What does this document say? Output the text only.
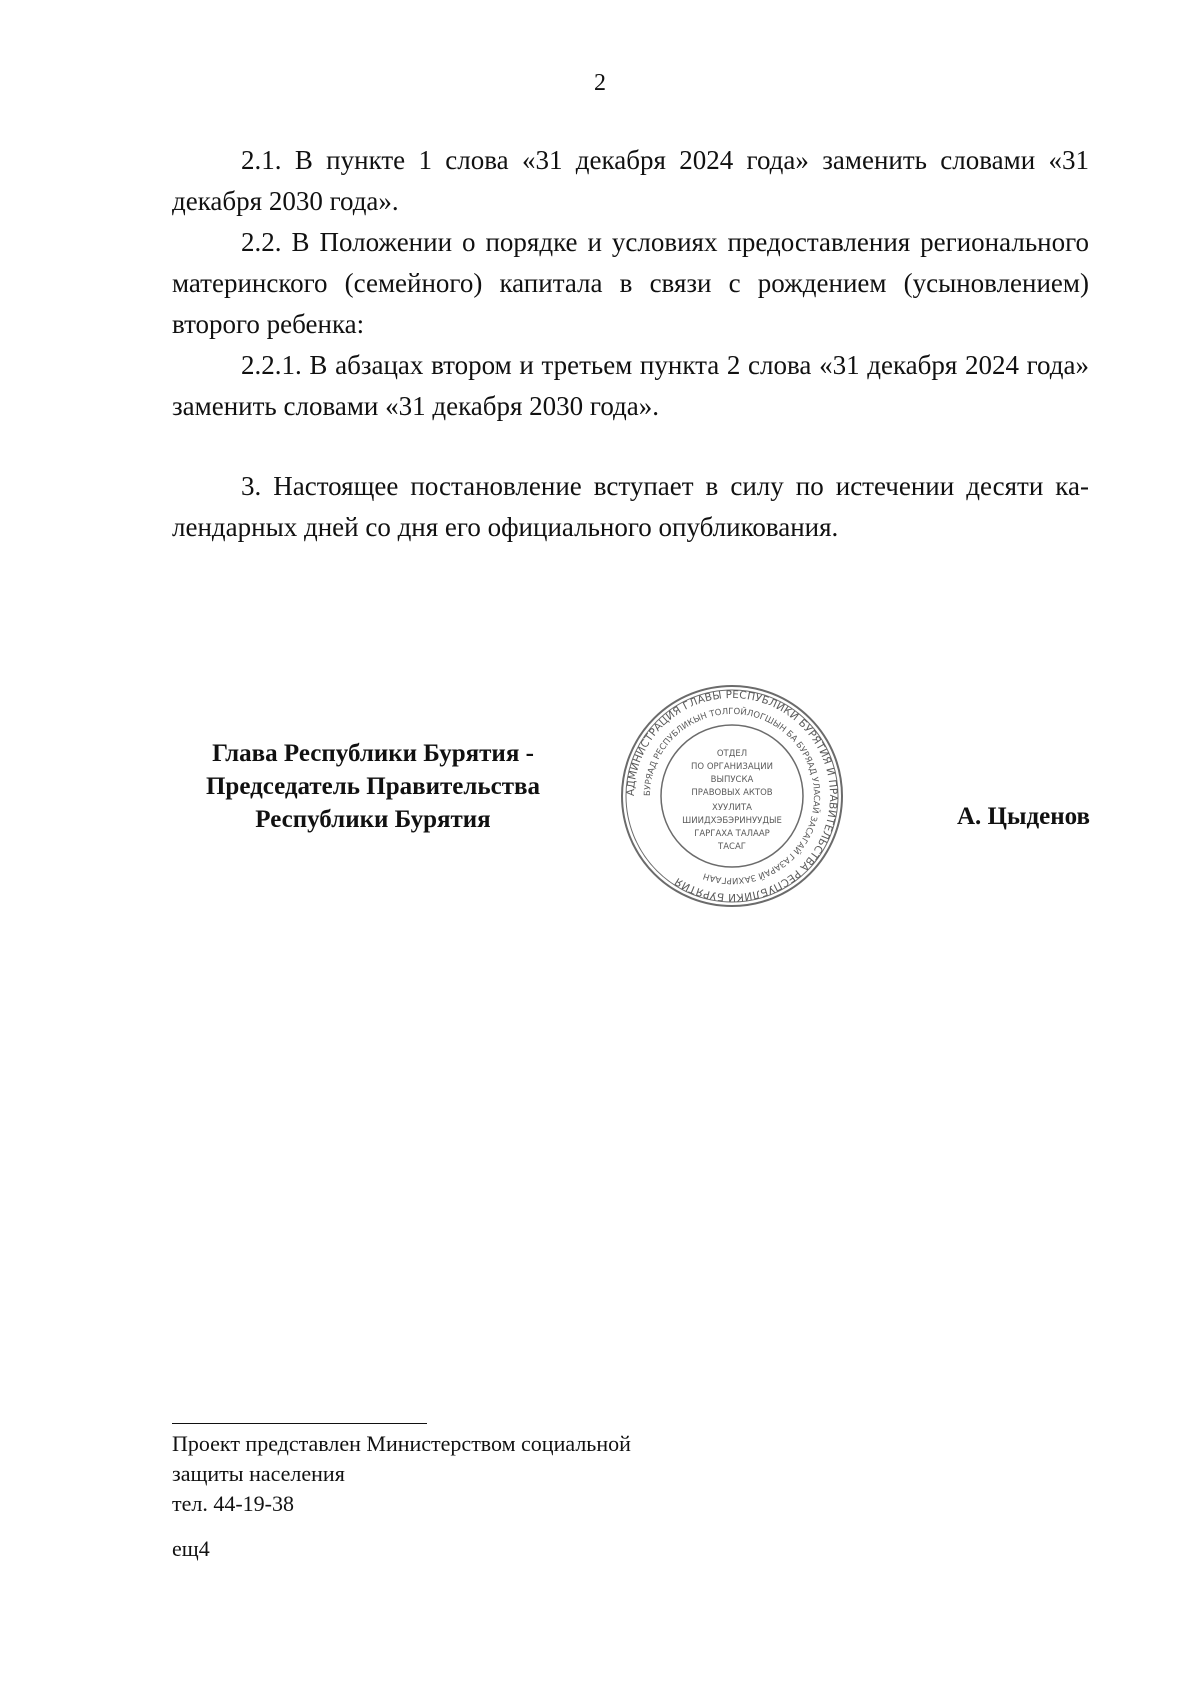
2

2.1. В пункте 1 слова «31 декабря 2024 года» заменить словами «31 декабря 2030 года».

2.2. В Положении о порядке и условиях предоставления регионального материнского (семейного) капитала в связи с рождением (усыновлением) второго ребенка:

2.2.1. В абзацах втором и третьем пункта 2 слова «31 декабря 2024 года» заменить словами «31 декабря 2030 года».

3. Настоящее постановление вступает в силу по истечении десяти календарных дней со дня его официального опубликования.

Глава Республики Бурятия -
Председатель Правительства
Республики Бурятия
АДМИНИСТРАЦИЯ ГЛАВЫ РЕСПУБЛИКИ БУРЯТИЯ И ПРАВИТЕЛЬСТВА РЕСПУБЛИКИ БУРЯТИЯ
БУРЯАД РЕСПУБЛИКЫН ТОЛГОЙЛОГШЫН БА БУРЯАД УЛАСАЙ ЗАСАГАЙ ГАЗАРАЙ ЗАХИРГААН
ОТДЕЛ
ПО ОРГАНИЗАЦИИ
ВЫПУСКА
ПРАВОВЫХ АКТОВ
ХУУЛИТА
ШИИДХЭБЭРИНУУДЫЕ
ГАРГАХА ТАЛААР
ТАСАГ
А. Цыденов
Проект представлен Министерством социальной
защиты населения
тел. 44-19-38
ещ4
